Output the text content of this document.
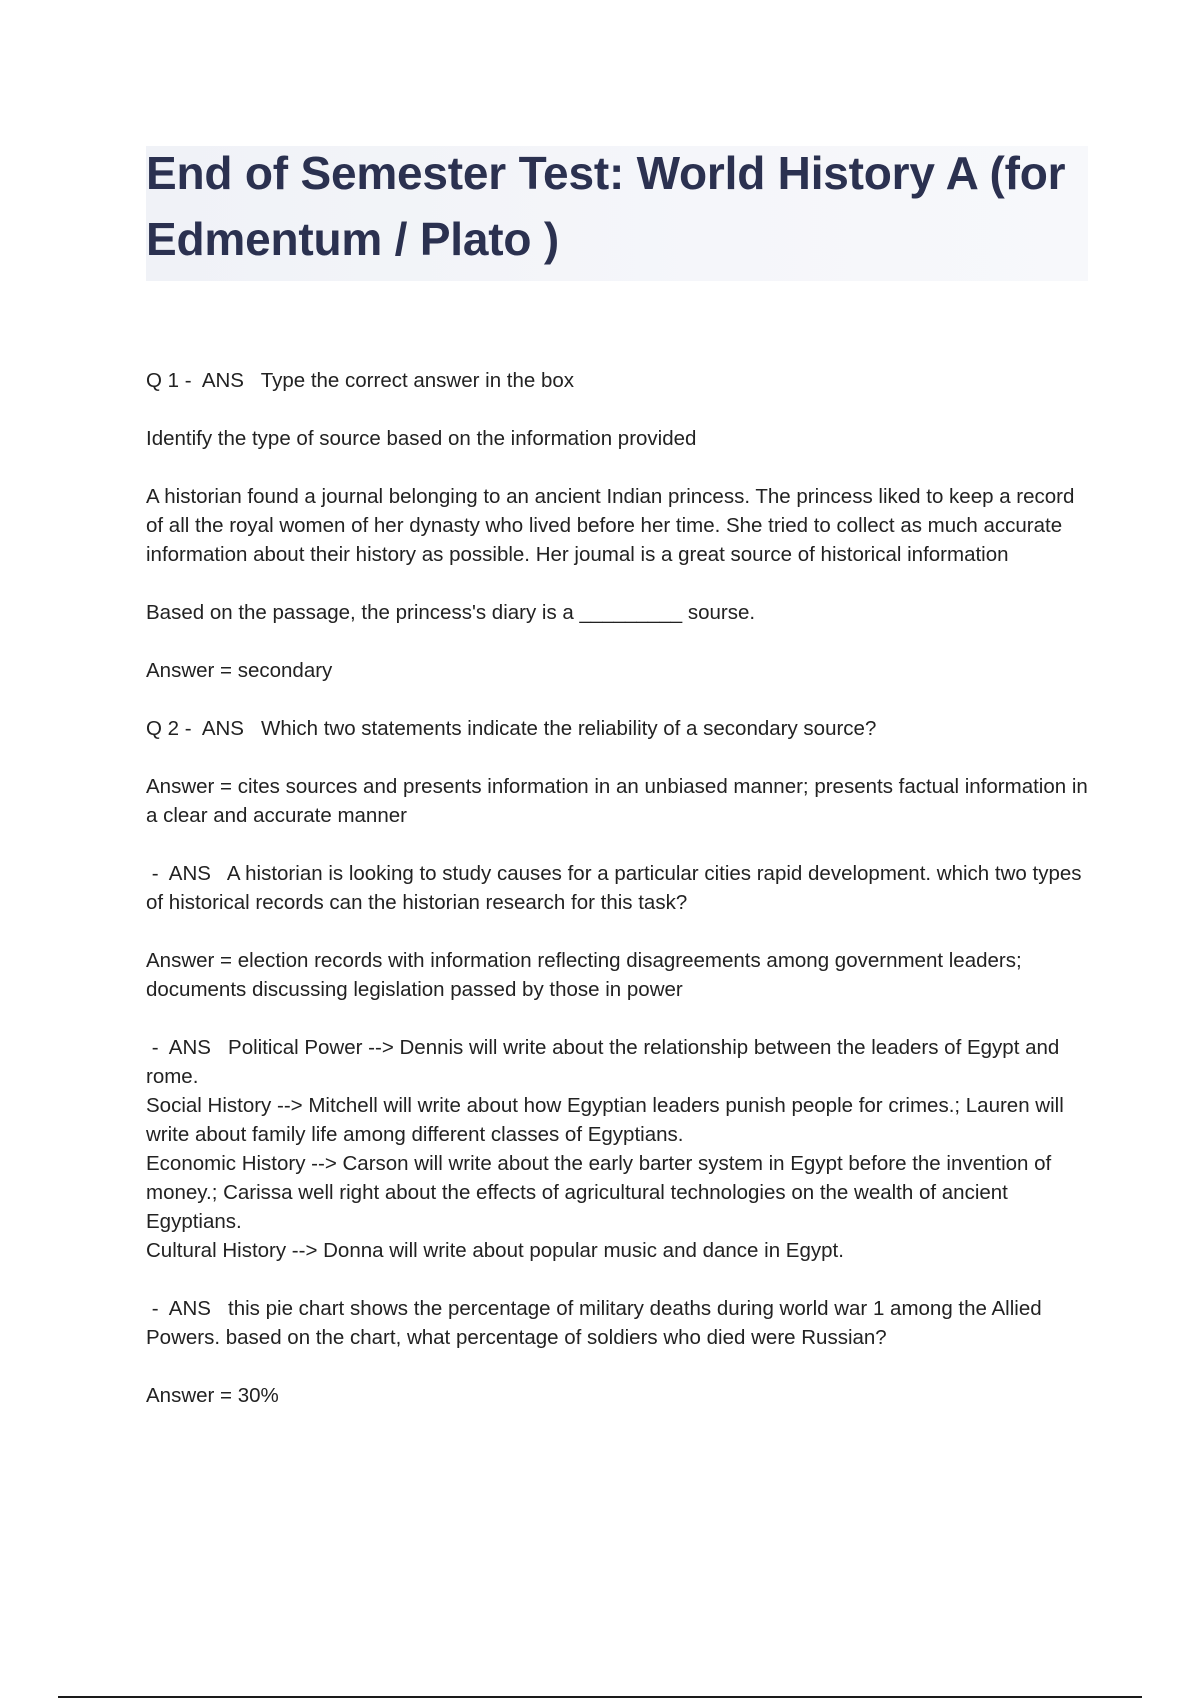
End of Semester Test: World History A (for
Edmentum / Plato )

Q 1 -  ANS   Type the correct answer in the box

Identify the type of source based on the information provided

A historian found a journal belonging to an ancient Indian princess. The princess liked to keep a record of all the royal women of her dynasty who lived before her time. She tried to collect as much accurate information about their history as possible. Her joumal is a great source of historical information

Based on the passage, the princess's diary is a _________ sourse.

Answer = secondary

Q 2 -  ANS   Which two statements indicate the reliability of a secondary source?

Answer = cites sources and presents information in an unbiased manner; presents factual information in a clear and accurate manner

-  ANS   A historian is looking to study causes for a particular cities rapid development. which two types of historical records can the historian research for this task?

Answer = election records with information reflecting disagreements among government leaders; documents discussing legislation passed by those in power

-  ANS   Political Power --> Dennis will write about the relationship between the leaders of Egypt and rome.

Social History --> Mitchell will write about how Egyptian leaders punish people for crimes.; Lauren will write about family life among different classes of Egyptians.

Economic History --> Carson will write about the early barter system in Egypt before the invention of money.; Carissa well right about the effects of agricultural technologies on the wealth of ancient Egyptians.

Cultural History --> Donna will write about popular music and dance in Egypt.

-  ANS   this pie chart shows the percentage of military deaths during world war 1 among the Allied Powers. based on the chart, what percentage of soldiers who died were Russian?

Answer = 30%
